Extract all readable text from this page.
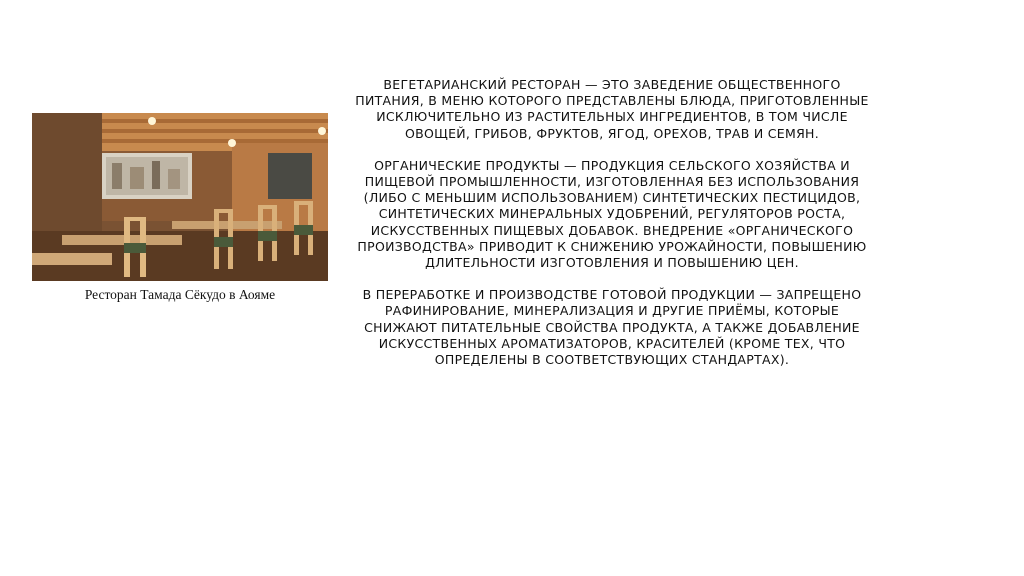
Ресторан Тамада Сёкудо в Аояме

ВЕГЕТАРИАНСКИЙ РЕСТОРАН — ЭТО ЗАВЕДЕНИЕ ОБЩЕСТВЕННОГО ПИТАНИЯ, В МЕНЮ КОТОРОГО ПРЕДСТАВЛЕНЫ БЛЮДА, ПРИГОТОВЛЕННЫЕ ИСКЛЮЧИТЕЛЬНО ИЗ РАСТИТЕЛЬНЫХ ИНГРЕДИЕНТОВ, В ТОМ ЧИСЛЕ ОВОЩЕЙ, ГРИБОВ, ФРУКТОВ, ЯГОД, ОРЕХОВ, ТРАВ И СЕМЯН.

ОРГАНИЧЕСКИЕ ПРОДУКТЫ — ПРОДУКЦИЯ СЕЛЬСКОГО ХОЗЯЙСТВА И ПИЩЕВОЙ ПРОМЫШЛЕННОСТИ, ИЗГОТОВЛЕННАЯ БЕЗ ИСПОЛЬЗОВАНИЯ (ЛИБО С МЕНЬШИМ ИСПОЛЬЗОВАНИЕМ) СИНТЕТИЧЕСКИХ ПЕСТИЦИДОВ, СИНТЕТИЧЕСКИХ МИНЕРАЛЬНЫХ УДОБРЕНИЙ, РЕГУЛЯТОРОВ РОСТА, ИСКУССТВЕННЫХ ПИЩЕВЫХ ДОБАВОК. ВНЕДРЕНИЕ «ОРГАНИЧЕСКОГО ПРОИЗВОДСТВА» ПРИВОДИТ К СНИЖЕНИЮ УРОЖАЙНОСТИ, ПОВЫШЕНИЮ ДЛИТЕЛЬНОСТИ ИЗГОТОВЛЕНИЯ И ПОВЫШЕНИЮ ЦЕН.

В ПЕРЕРАБОТКЕ И ПРОИЗВОДСТВЕ ГОТОВОЙ ПРОДУКЦИИ — ЗАПРЕЩЕНО РАФИНИРОВАНИЕ, МИНЕРАЛИЗАЦИЯ И ДРУГИЕ ПРИЁМЫ, КОТОРЫЕ СНИЖАЮТ ПИТАТЕЛЬНЫЕ СВОЙСТВА ПРОДУКТА, А ТАКЖЕ ДОБАВЛЕНИЕ ИСКУССТВЕННЫХ АРОМАТИЗАТОРОВ, КРАСИТЕЛЕЙ (КРОМЕ ТЕХ, ЧТО ОПРЕДЕЛЕНЫ В СООТВЕТСТВУЮЩИХ СТАНДАРТАХ).
